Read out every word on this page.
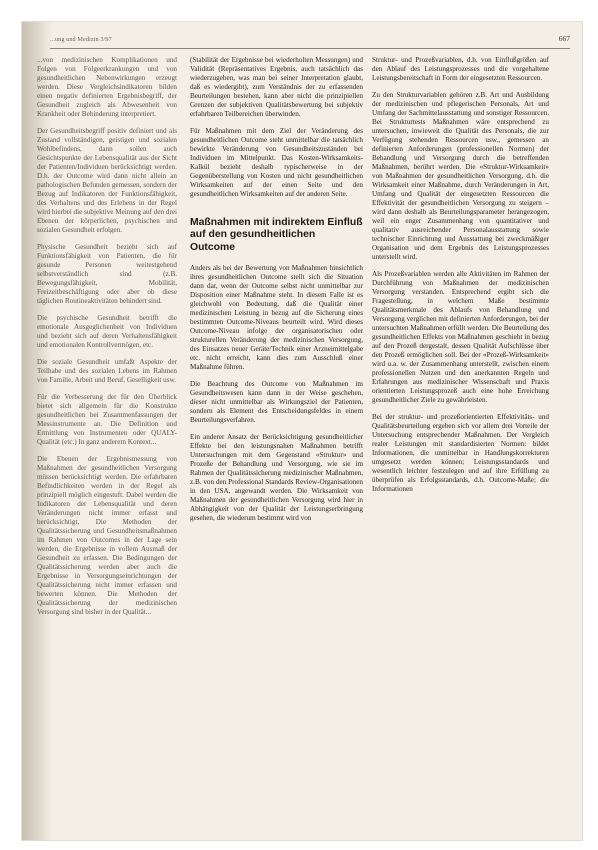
...ung und Medizin 3/97	667

...von medizinischen Komplikationen und Folgen von Folgeerkrankungen und von gesundheitlichen Nebenwirkungen erzeugt werden. Diese Vergleichsindikatoren bilden einen negativ definierten Ergebnisbegriff, der Gesundheit zugleich als Abwesenheit von Krankheit oder Behinderung interpretiert.

Der Gesundheitsbegriff positiv definiert und als Zustand vollständigen, geistigen und sozialen Wohlbefindens, dann sollen auch Gesichtspunkte der Lebensqualität aus der Sicht der Patienten/Individuen berücksichtigt werden. D.h. der Outcome wird dann nicht allein an pathologischen Befunden gemessen, sondern der Bezug auf Indikatoren der Funktionsfähigkeit, des Verhaltens und des Erlebens in der Regel wird hierbei die subjektive Meinung auf den drei Ebenen der körperlichen, psychischen und sozialen Gesundheit erfolgen.

Physische Gesundheit bezieht sich auf Funktionsfähigkeit von Patienten, die für gesunde Personen weitestgehend selbstverständlich sind (z.B. Bewegungsfähigkeit, Mobilität, Freizeitbeschäftigung oder aber ob diese täglichen Routineaktivitäten behindert sind.

Die psychische Gesundheit betrifft die emotionale Ausgeglichenheit von Individuen und bezieht sich auf deren Verhaltensfähigkeit und emotionalen Kontrollvermögen, etc.

Die soziale Gesundheit umfaßt Aspekte der Teilhabe und des sozialen Lebens im Rahmen von Familie, Arbeit und Beruf, Geselligkeit usw.

Für die Verbesserung der für den Überblick bietet sich allgemein für die Konstrukte gesundheitlichen bei Zusammenfassungen der Messinstrumente an. Die Definition und Ermittlung von Instrumenten oder QUALY-Qualität (etc.) In ganz anderem Kontext...

Die Ebenen der Ergebnismessung von Maßnahmen der gesundheitlichen Versorgung müssen berücksichtigt werden. Die erfahrbaren Befindlichkeiten werden in der Regel als prinzipiell möglich eingestuft. Dabei werden die Indikatoren der Lebensqualität und deren Veränderungen nicht immer erfasst und berücksichtigt, Die Methoden der Qualitätssicherung und Gesundheitsmaßnahmen im Rahmen von Outcomes in der Lage sein werden, die Ergebnisse in vollem Ausmaß der Gesundheit zu erfassen. Die Bedingungen der Qualitätssicherung werden aber auch die Ergebnisse in Versorgungseinrichtungen der Qualitätssicherung nicht immer erfassen und bewerten können. Die Methoden der Qualitätssicherung der medizinischen Versorgung sind bisher in der Qualität...

(Stabilität der Ergebnisse bei wiederholten Messungen) und Validität (Repräsentatives Ergebnis, auch tatsächlich das wiederzugeben, was man bei seiner Interpretation glaubt, daß es wiedergibt), zum Verständnis der zu erfassenden Beurteilungen bestehen, kann aber nicht die prinzipiellen Grenzen der subjektiven Qualitätsbewertung bei subjektiv erfahrbaren Teilbereichen überwinden.

Für Maßnahmen mit dem Ziel der Veränderung des gesundheitlichen Outcome steht unmittelbar die tatsächlich bewirkte Veränderung von Gesundheitszuständen bei Individuen im Mittelpunkt. Das Kosten-Wirksamkeits-Kalkül bezieht deshalb typischerweise in der Gegenüberstellung von Kosten und nicht gesundheitlichen Wirksamkeiten auf der einen Seite und den gesundheitlichen Wirksamkeiten auf der anderen Seite.

Maßnahmen mit indirektem Einfluß auf den gesundheitlichen Outcome

Anders als bei der Bewertung von Maßnahmen hinsichtlich ihres gesundheitlichen Outcome stellt sich die Situation dann dar, wenn der Outcome selbst nicht unmittelbar zur Disposition einer Maßnahme steht. In diesem Falle ist es gleichwohl von Bedeutung, daß die Qualität einer medizinischen Leistung in bezug auf die Sicherung eines bestimmten Outcome-Niveaus beurteilt wird. Wird dieses Outcome-Niveau infolge der organisatorischen oder strukturellen Veränderung der medizinischen Versorgung, des Einsatzes neuer Geräte/Technik einer Arzneimittelgabe etc. nicht erreicht, kann dies zum Ausschluß einer Maßnahme führen.

Die Beachtung des Outcome von Maßnahmen im Gesundheitswesen kann dann in der Weise geschehen, dieser nicht unmittelbar als Wirkungsziel der Patienten, sondern als Element des Entscheidungsfeldes in einem Beurteilungsverfahren.

Ein anderer Ansatz der Berücksichtigung gesundheitlicher Effekte bei den leistungsnahen Maßnahmen betrifft Untersuchungen mit dem Gegenstand «Struktur» und Prozeße der Behandlung und Versorgung, wie sie im Rahmen der Qualitätssicherung medizinischer Maßnahmen, z.B. von den Professional Standards Review-Organisationen in den USA, angewandt werden. Die Wirksamkeit von Maßnahmen der gesundheitlichen Versorgung wird hier in Abhängigkeit von der Qualität der Leistungserbringung gesehen, die wiederum bestimmt wird von

Struktur- und Prozeßvariablen, d.h. von Einflußgrößen auf den Ablauf des Leistungsprozesses und die vorgehaltene Leistungsbereitschaft in Form der eingesetzten Ressourcen.

Zu den Strukturvariablen gehören z.B. Art und Ausbildung der medizinischen und pflegerischen Personals, Art und Umfang der Sachmittelausstattung und sonstiger Ressourcen. Bei Strukturtests Maßnahmen wäre entsprechend zu untersuchen, inwieweit die Qualität des Personals, die zur Verfügung stehenden Ressourcen usw., gemessen an definierten Anforderungen (professionellen Normen) der Behandlung und Versorgung durch die betreffenden Maßnahmen, berührt werden. Die «Struktur-Wirksamkeit» von Maßnahmen der gesundheitlichen Versorgung, d.h. die Wirksamkeit einer Maßnahme, durch Veränderungen in Art, Umfang und Qualität der eingesetzten Ressourcen die Effektivität der gesundheitlichen Versorgung zu steigern – wird dann deshalb als Beurteilungsparameter herangezogen, weil ein enger Zusammenhang von quantitativer und qualitativ ausreichender Personalausstattung sowie technischer Einrichtung und Ausstattung bei zweckmäßiger Organisation und dem Ergebnis des Leistungsprozesses unterstellt wird.

Als Prozeßvariablen werden alle Aktivitäten im Rahmen der Durchführung von Maßnahmen der medizinischen Versorgung verstanden. Entsprechend ergibt sich die Fragestellung, in welchem Maße bestimmte Qualitätsmerkmale des Ablaufs von Behandlung und Versorgung verglichen mit definierten Anforderungen, bei der untersuchten Maßnahmen erfüllt werden. Die Beurteilung des gesundheitlichen Effekts von Maßnahmen geschieht in bezug auf den Prozeß dergestalt, dessen Qualität Aufschlüsse über den Prozeß ermöglichen soll. Bei der «Prozeß-Wirksamkeit» wird u.a. w. der Zusammenhang unterstellt, zwischen einem professionellen Nutzen und den anerkannten Regeln und Erfahrungen aus medizinischer Wissenschaft und Praxis orientierten Leistungsprozeß auch eine hohe Erreichung gesundheitlicher Ziele zu gewährleisten.

Bei der struktur- und prozeßorientierten Effektivitäts- und Qualitätsbeurteilung ergeben sich vor allem drei Vorteile der Untersuchung entsprechender Maßnahmen. Der Vergleich realer Leistungen mit standardisierten Normen: bildet Informationen, die unmittelbar in Handlungskorrekturen umgesetzt werden können; Leistungsstandards und wesentlich leichter festzulegen und auf ihre Erfüllung zu überprüfen als Erfolgsstandards, d.h. Outcome-Maße; die Informationen
